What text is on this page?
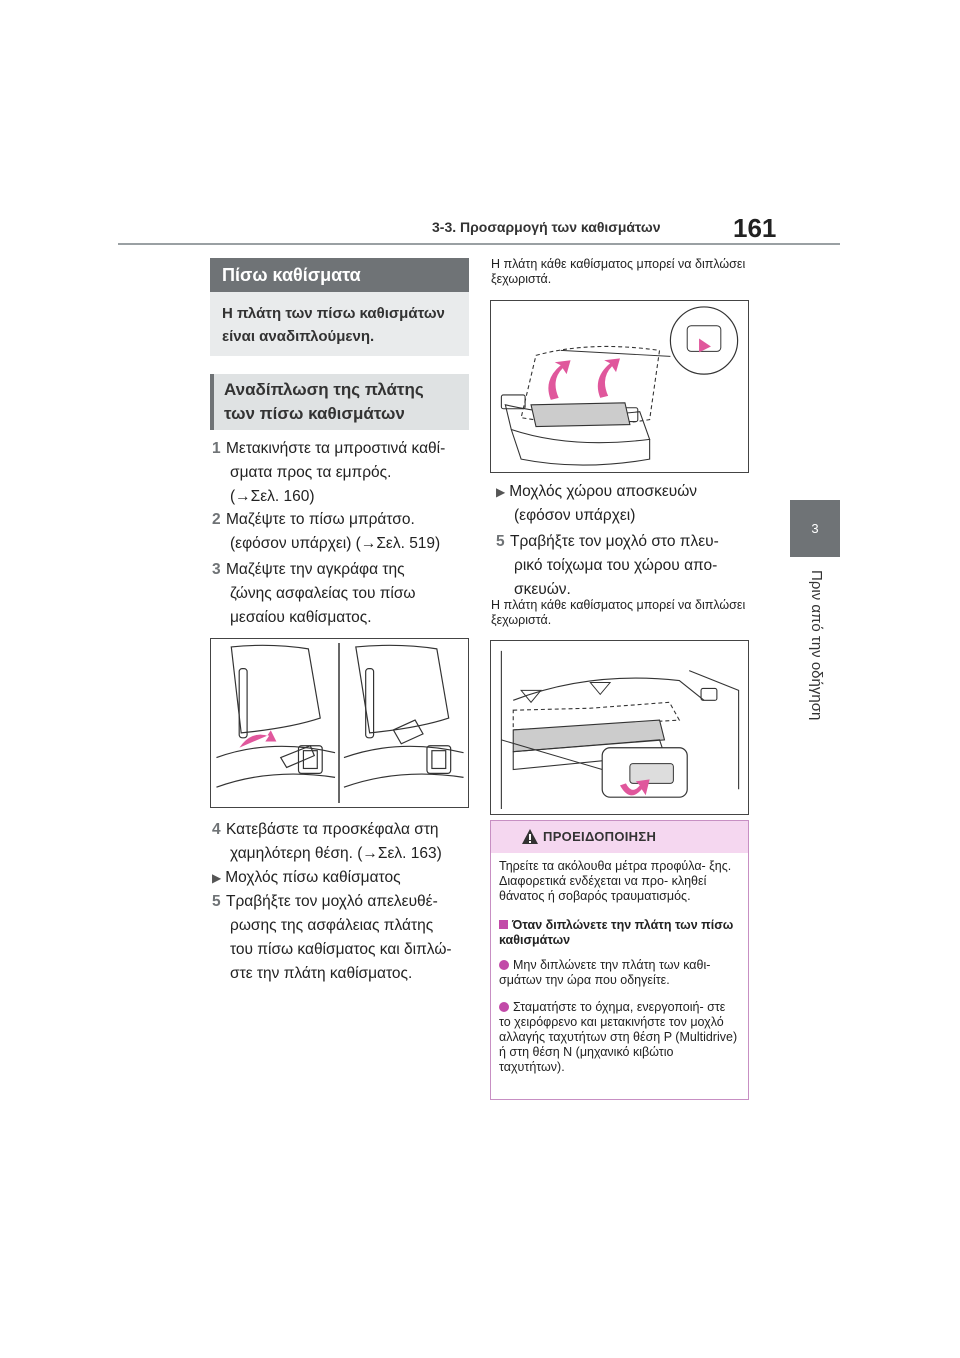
3-3. Προσαρμογή των καθισμάτων	161
3
Πριν από την οδήγηση
Πίσω καθίσματα
Η πλάτη των πίσω καθισμάτων είναι αναδιπλούμενη.
Αναδίπλωση της πλάτης των πίσω καθισμάτων
1 Μετακινήστε τα μπροστινά καθί-
σματα προς τα εμπρός.
(→Σελ. 160)
2 Μαζέψτε το πίσω μπράτσο.
(εφόσον υπάρχει) (→Σελ. 519)
3 Μαζέψτε την αγκράφα της
ζώνης ασφαλείας του πίσω
μεσαίου καθίσματος.
4 Κατεβάστε τα προσκέφαλα στη
χαμηλότερη θέση. (→Σελ. 163)
▶ Μοχλός πίσω καθίσματος
5 Τραβήξτε τον μοχλό απελευθέ-
ρωσης της ασφάλειας πλάτης
του πίσω καθίσματος και διπλώ-
στε την πλάτη καθίσματος.
Η πλάτη κάθε καθίσματος μπορεί να διπλώσει ξεχωριστά.
▶ Μοχλός χώρου αποσκευών
(εφόσον υπάρχει)
5 Τραβήξτε τον μοχλό στο πλευ-
ρικό τοίχωμα του χώρου απο-
σκευών.
Η πλάτη κάθε καθίσματος μπορεί να διπλώσει ξεχωριστά.
ΠΡΟΕΙΔΟΠΟΙΗΣΗ
Τηρείτε τα ακόλουθα μέτρα προφύλα- ξης. Διαφορετικά ενδέχεται να προ- κληθεί θάνατος ή σοβαρός τραυματισμός.
Όταν διπλώνετε την πλάτη των πίσω καθισμάτων
Μην διπλώνετε την πλάτη των καθι- σμάτων την ώρα που οδηγείτε.
Σταματήστε το όχημα, ενεργοποιή- στε το χειρόφρενο και μετακινήστε τον μοχλό αλλαγής ταχυτήτων στη θέση P (Multidrive) ή στη θέση N (μηχανικό κιβώτιο ταχυτήτων).
